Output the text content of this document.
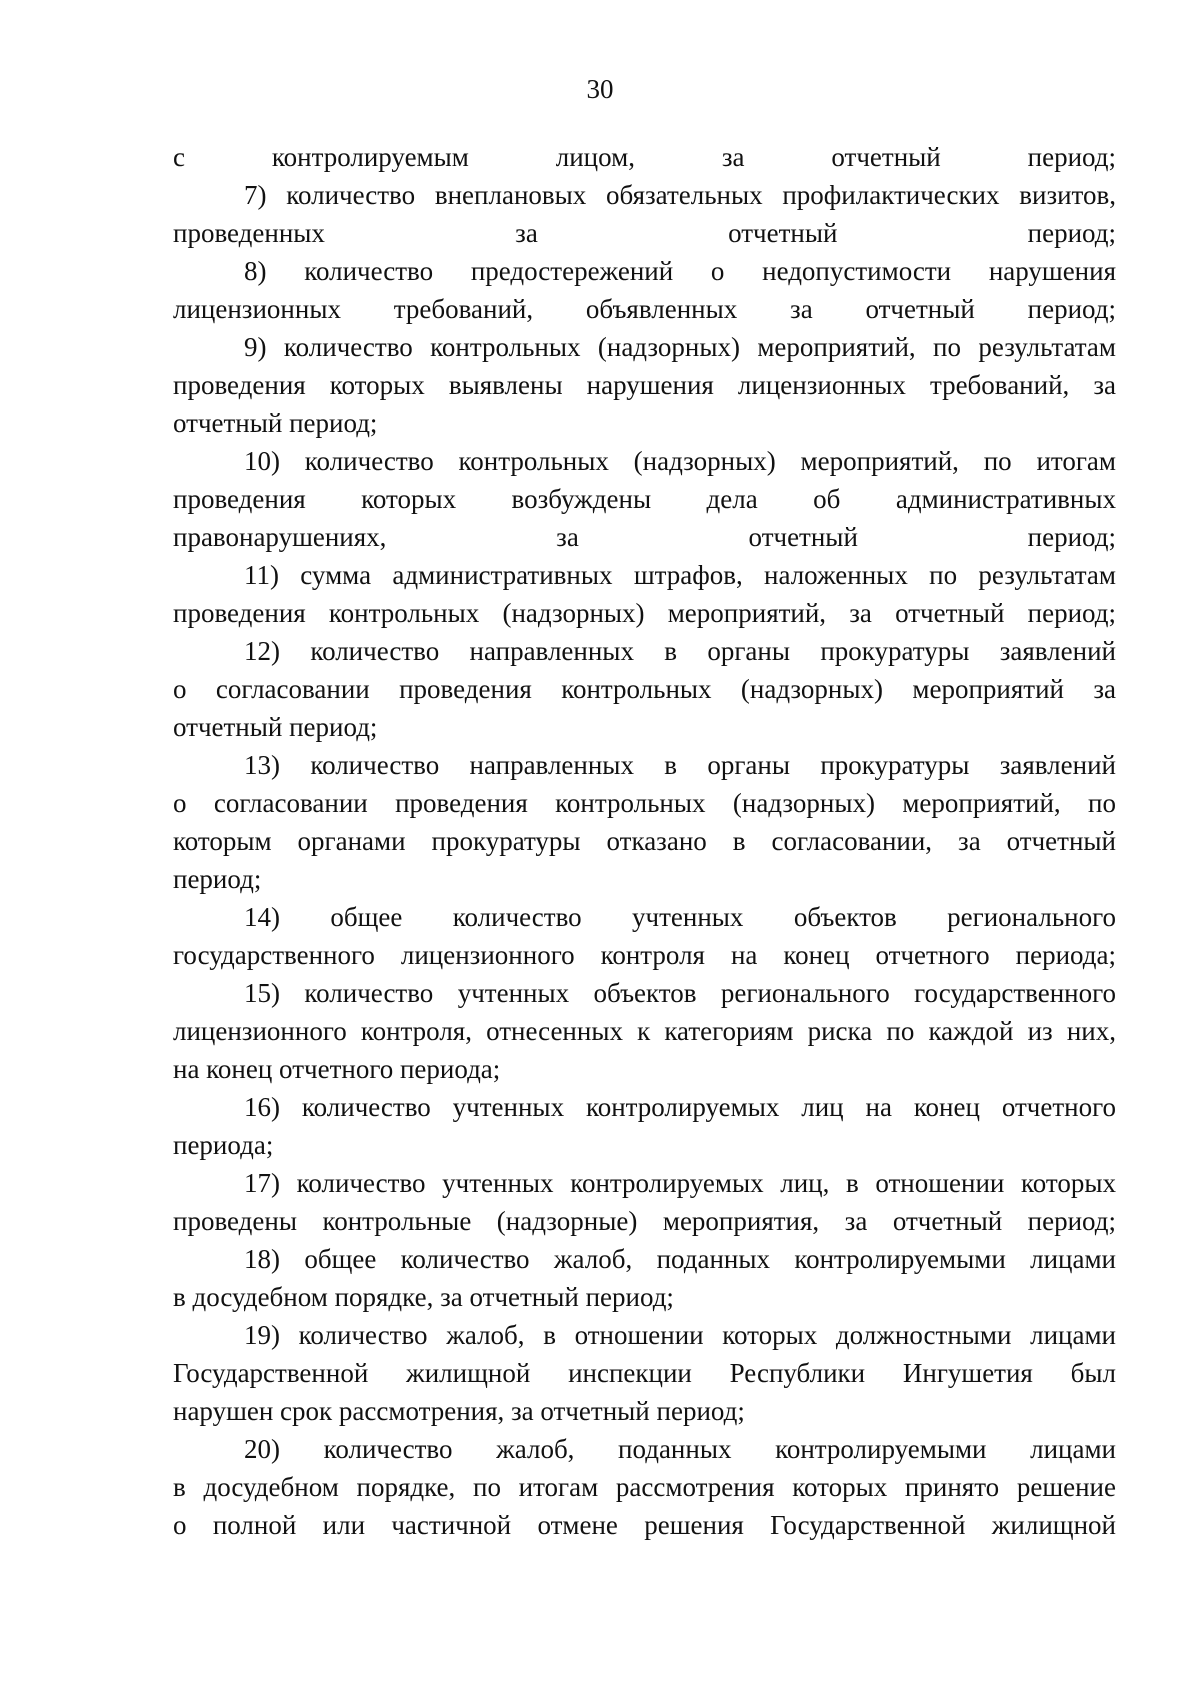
30
с контролируемым лицом, за отчетный период;
7) количество внеплановых обязательных профилактических визитов,
проведенных за отчетный период;
8) количество предостережений о недопустимости нарушения
лицензионных требований, объявленных за отчетный период;
9) количество контрольных (надзорных) мероприятий, по результатам
проведения которых выявлены нарушения лицензионных требований, за
отчетный период;
10) количество контрольных (надзорных) мероприятий, по итогам
проведения которых возбуждены дела об административных
правонарушениях, за отчетный период;
11) сумма административных штрафов, наложенных по результатам
проведения контрольных (надзорных) мероприятий, за отчетный период;
12) количество направленных в органы прокуратуры заявлений
о согласовании проведения контрольных (надзорных) мероприятий за
отчетный период;
13) количество направленных в органы прокуратуры заявлений
о согласовании проведения контрольных (надзорных) мероприятий, по
которым органами прокуратуры отказано в согласовании, за отчетный
период;
14) общее количество учтенных объектов регионального
государственного лицензионного контроля на конец отчетного периода;
15) количество учтенных объектов регионального государственного
лицензионного контроля, отнесенных к категориям риска по каждой из них,
на конец отчетного периода;
16) количество учтенных контролируемых лиц на конец отчетного
периода;
17) количество учтенных контролируемых лиц, в отношении которых
проведены контрольные (надзорные) мероприятия, за отчетный период;
18) общее количество жалоб, поданных контролируемыми лицами
в досудебном порядке, за отчетный период;
19) количество жалоб, в отношении которых должностными лицами
Государственной жилищной инспекции Республики Ингушетия был
нарушен срок рассмотрения, за отчетный период;
20) количество жалоб, поданных контролируемыми лицами
в досудебном порядке, по итогам рассмотрения которых принято решение
о полной или частичной отмене решения Государственной жилищной
